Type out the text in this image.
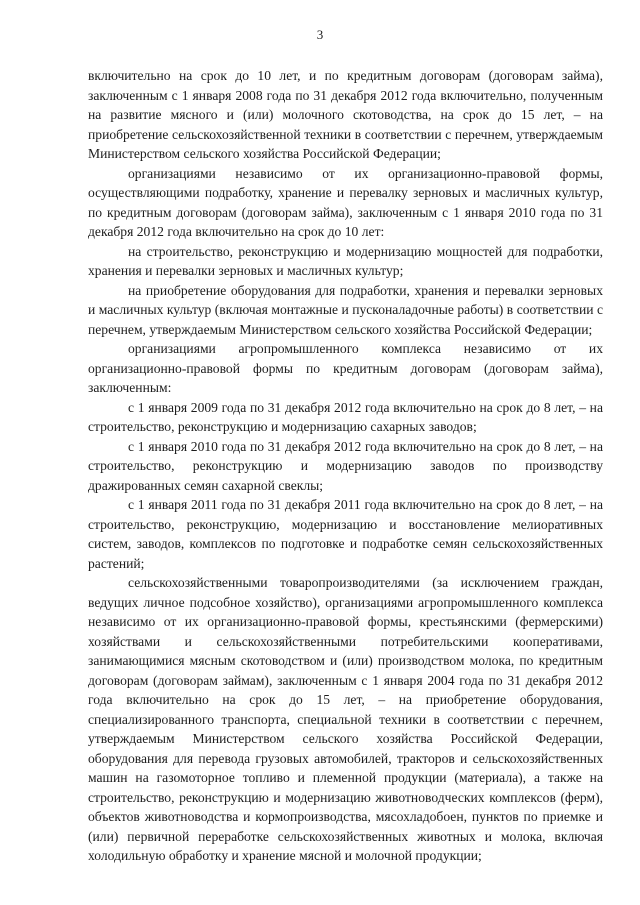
3

включительно на срок до 10 лет, и по кредитным договорам (договорам займа), заключенным с 1 января 2008 года по 31 декабря 2012 года включительно, полученным на развитие мясного и (или) молочного скотоводства, на срок до 15 лет, – на приобретение сельскохозяйственной техники в соответствии с перечнем, утверждаемым Министерством сельского хозяйства Российской Федерации;

организациями независимо от их организационно-правовой формы, осуществляющими подработку, хранение и перевалку зерновых и масличных культур, по кредитным договорам (договорам займа), заключенным с 1 января 2010 года по 31 декабря 2012 года включительно на срок до 10 лет:

на строительство, реконструкцию и модернизацию мощностей для подработки, хранения и перевалки зерновых и масличных культур;

на приобретение оборудования для подработки, хранения и перевалки зерновых и масличных культур (включая монтажные и пусконаладочные работы) в соответствии с перечнем, утверждаемым Министерством сельского хозяйства Российской Федерации;

организациями агропромышленного комплекса независимо от их организационно-правовой формы по кредитным договорам (договорам займа), заключенным:

с 1 января 2009 года по 31 декабря 2012 года включительно на срок до 8 лет, – на строительство, реконструкцию и модернизацию сахарных заводов;

с 1 января 2010 года по 31 декабря 2012 года включительно на срок до 8 лет, – на строительство, реконструкцию и модернизацию заводов по производству дражированных семян сахарной свеклы;

с 1 января 2011 года по 31 декабря 2011 года включительно на срок до 8 лет, – на строительство, реконструкцию, модернизацию и восстановление мелиоративных систем, заводов, комплексов по подготовке и подработке семян сельскохозяйственных растений;

сельскохозяйственными товаропроизводителями (за исключением граждан, ведущих личное подсобное хозяйство), организациями агропромышленного комплекса независимо от их организационно-правовой формы, крестьянскими (фермерскими) хозяйствами и сельскохозяйственными потребительскими кооперативами, занимающимися мясным скотоводством и (или) производством молока, по кредитным договорам (договорам займам), заключенным с 1 января 2004 года по 31 декабря 2012 года включительно на срок до 15 лет, – на приобретение оборудования, специализированного транспорта, специальной техники в соответствии с перечнем, утверждаемым Министерством сельского хозяйства Российской Федерации, оборудования для перевода грузовых автомобилей, тракторов и сельскохозяйственных машин на газомоторное топливо и племенной продукции (материала), а также на строительство, реконструкцию и модернизацию животноводческих комплексов (ферм), объектов животноводства и кормопроизводства, мясохладобоен, пунктов по приемке и (или) первичной переработке сельскохозяйственных животных и молока, включая холодильную обработку и хранение мясной и молочной продукции;
